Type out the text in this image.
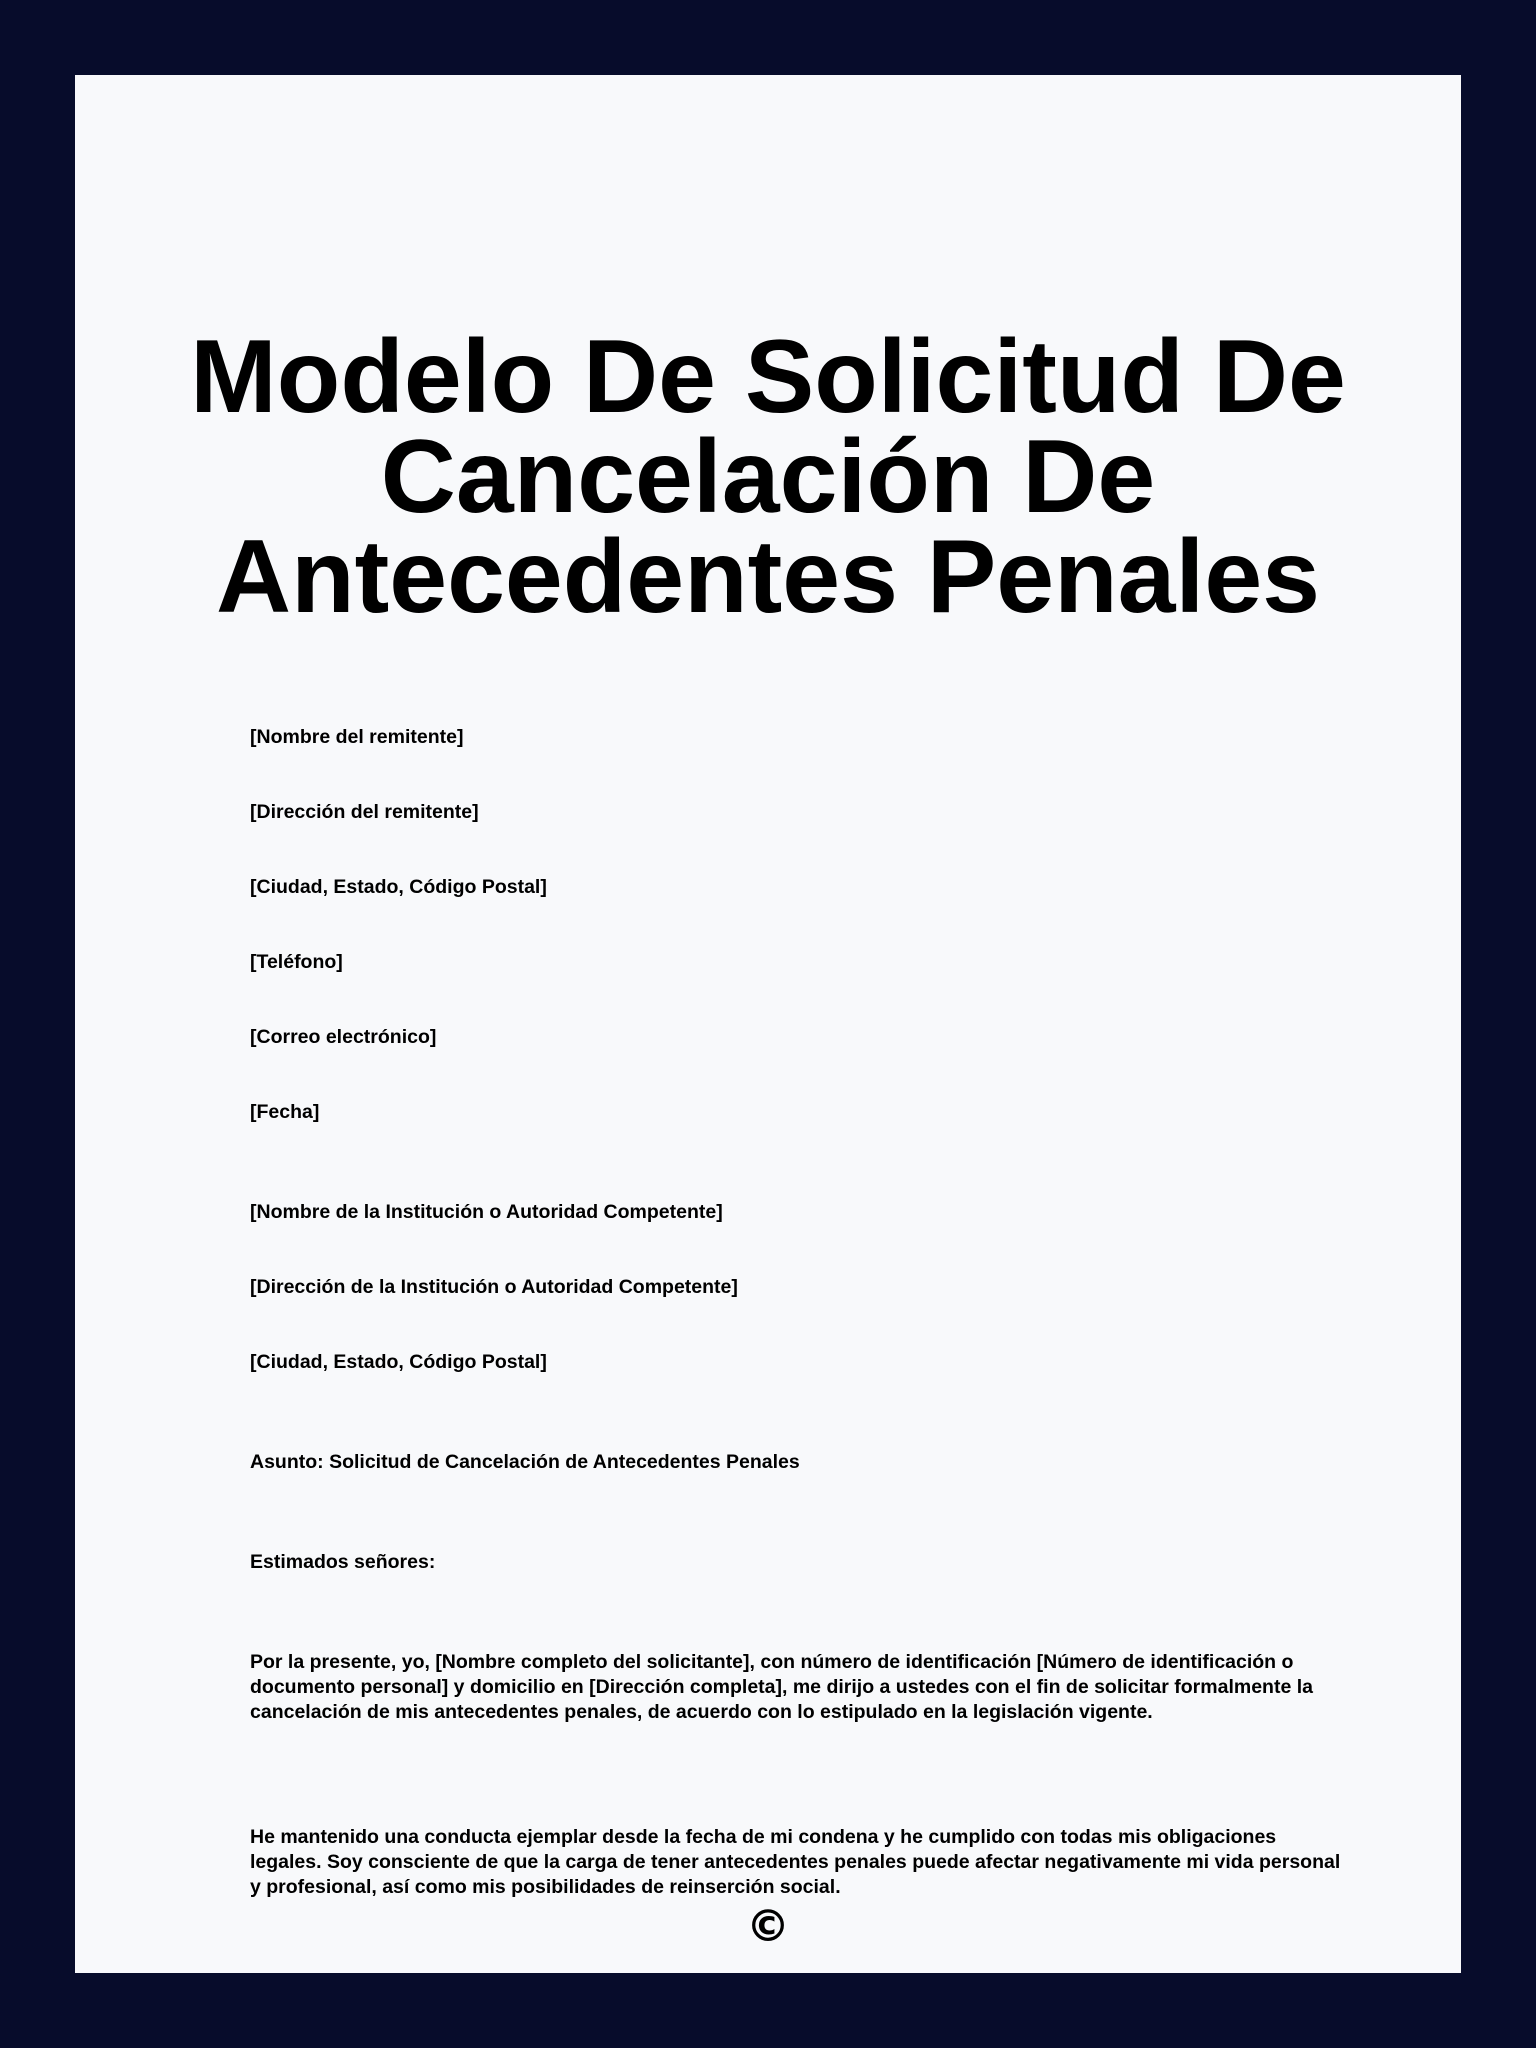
Modelo De Solicitud De
Cancelación De
Antecedentes Penales
[Nombre del remitente]
[Dirección del remitente]
[Ciudad, Estado, Código Postal]
[Teléfono]
[Correo electrónico]
[Fecha]
[Nombre de la Institución o Autoridad Competente]
[Dirección de la Institución o Autoridad Competente]
[Ciudad, Estado, Código Postal]
Asunto: Solicitud de Cancelación de Antecedentes Penales
Estimados señores:
Por la presente, yo, [Nombre completo del solicitante], con número de identificación [Número de identificación o documento personal] y domicilio en [Dirección completa], me dirijo a ustedes con el fin de solicitar formalmente la cancelación de mis antecedentes penales, de acuerdo con lo estipulado en la legislación vigente.
He mantenido una conducta ejemplar desde la fecha de mi condena y he cumplido con todas mis obligaciones legales. Soy consciente de que la carga de tener antecedentes penales puede afectar negativamente mi vida personal y profesional, así como mis posibilidades de reinserción social.
©
